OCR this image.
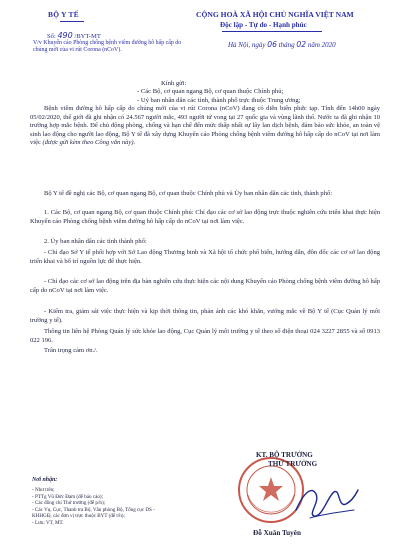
BỘ Y TẾ
Số: 490 /BYT-MT
V/v Khuyến cáo Phòng chống bệnh viêm đường hô hấp cấp do chủng mới của vi rút Corona (nCoV).
CỘNG HOÀ XÃ HỘI CHỦ NGHĨA VIỆT NAM
Độc lập - Tự do - Hạnh phúc
Hà Nội, ngày 06 tháng 02 năm 2020
Kính gửi:
- Các Bộ, cơ quan ngang Bộ, cơ quan thuộc Chính phủ;
- Uỷ ban nhân dân các tỉnh, thành phố trực thuộc Trung ương;
Bệnh viêm đường hô hấp cấp do chủng mới của vi rút Corona (nCoV) đang có diễn biến phức tạp. Tính đến 14h00 ngày 05/02/2020, thế giới đã ghi nhận có 24.567 người mắc, 493 người tử vong tại 27 quốc gia và vùng lãnh thổ. Nước ta đã ghi nhận 10 trường hợp mắc bệnh. Để chủ động phòng, chống và hạn chế đến mức thấp nhất sự lây lan dịch bệnh, đảm bảo sức khỏe, an toàn vệ sinh lao động cho người lao động, Bộ Y tế đã xây dựng Khuyến cáo Phòng chống bệnh viêm đường hô hấp cấp do nCoV tại nơi làm việc (được gửi kèm theo Công văn này).
Bộ Y tế đề nghị các Bộ, cơ quan ngang Bộ, cơ quan thuộc Chính phủ và Ủy ban nhân dân các tỉnh, thành phố:
1. Các Bộ, cơ quan ngang Bộ, cơ quan thuộc Chính phủ: Chỉ đạo các cơ sở lao động trực thuộc nghiên cứu triển khai thực hiện Khuyến cáo Phòng chống bệnh viêm đường hô hấp cấp do nCoV tại nơi làm việc.
2. Ủy ban nhân dân các tỉnh thành phố:
- Chỉ đạo Sở Y tế phối hợp với Sở Lao động Thương binh và Xã hội tổ chức phổ biến, hướng dẫn, đôn đốc các cơ sở lao động triển khai và bố trí nguồn lực để thực hiện.
- Chỉ đạo các cơ sở lao động trên địa bàn nghiên cứu thực hiện các nội dung Khuyến cáo Phòng chống bệnh viêm đường hô hấp cấp do nCoV tại nơi làm việc.
- Kiểm tra, giám sát việc thực hiện và kịp thời thông tin, phản ánh các khó khăn, vướng mắc về Bộ Y tế (Cục Quản lý môi trường y tế).
Thông tin liên hệ Phòng Quản lý sức khỏe lao động, Cục Quản lý môi trường y tế theo số điện thoại 024 3227 2855 và số 0913 022 196.
Trân trọng cảm ơn./.
Nơi nhận:
- Như trên;
- PTTg Vũ Đức Đam (để báo cáo);
- Các đồng chí Thứ trưởng (để p/h);
- Các Vụ, Cục, Thanh tra Bộ, Văn phòng Bộ, Tổng cục DS - KHHGĐ, các đơn vị trực thuộc BYT (để t/h);
- Lưu: VT, MT.
KT. BỘ TRƯỞNG
THỨ TRƯỞNG
Đỗ Xuân Tuyên
